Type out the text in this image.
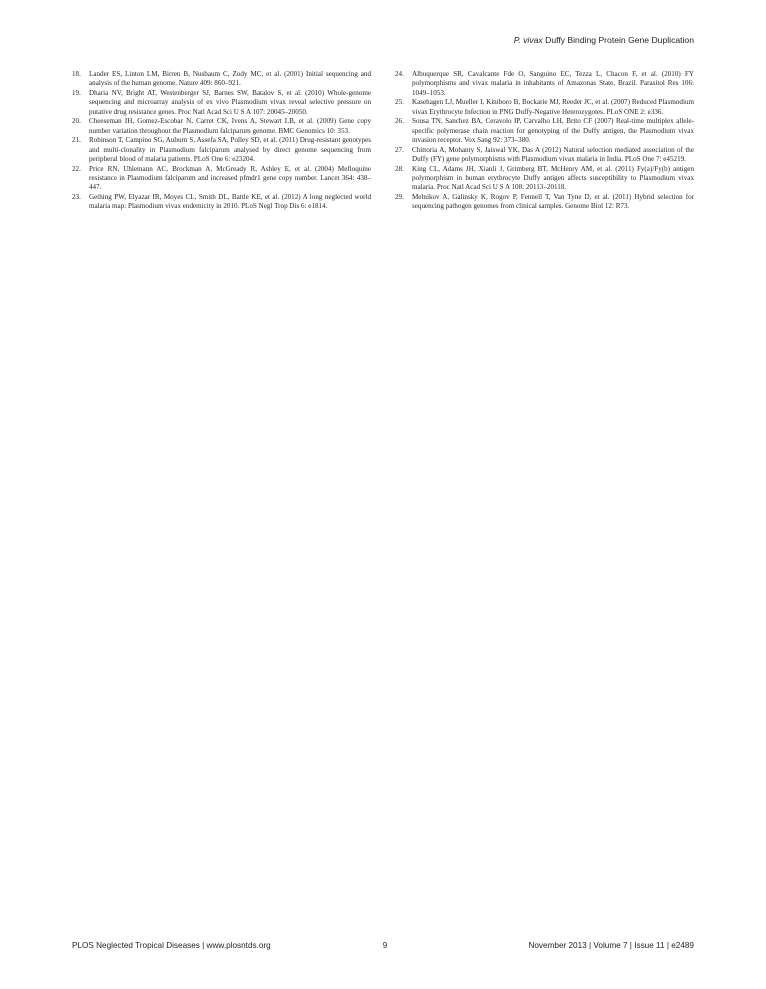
P. vivax Duffy Binding Protein Gene Duplication
18.	Lander ES, Linton LM, Birren B, Nusbaum C, Zody MC, et al. (2001) Initial sequencing and analysis of the human genome. Nature 409: 860–921.
19.	Dharia NV, Bright AT, Westenberger SJ, Barnes SW, Batalov S, et al. (2010) Whole-genome sequencing and microarray analysis of ex vivo Plasmodium vivax reveal selective pressure on putative drug resistance genes. Proc Natl Acad Sci U S A 107: 20045–20050.
20.	Cheeseman IH, Gomez-Escobar N, Carret CK, Ivens A, Stewart LB, et al. (2009) Gene copy number variation throughout the Plasmodium falciparum genome. BMC Genomics 10: 353.
21.	Robinson T, Campino SG, Auburn S, Assefa SA, Polley SD, et al. (2011) Drug-resistant genotypes and multi-clonality in Plasmodium falciparum analysed by direct genome sequencing from peripheral blood of malaria patients. PLoS One 6: e23204.
22.	Price RN, Uhlemann AC, Brockman A, McGready R, Ashley E, et al. (2004) Mefloquine resistance in Plasmodium falciparum and increased pfmdr1 gene copy number. Lancet 364: 438–447.
23.	Gething PW, Elyazar IR, Moyes CL, Smith DL, Battle KE, et al. (2012) A long neglected world malaria map: Plasmodium vivax endemicity in 2010. PLoS Negl Trop Dis 6: e1814.
24.	Albuquerque SR, Cavalcante Fde O, Sanguino EC, Tezza L, Chacon F, et al. (2010) FY polymorphisms and vivax malaria in inhabitants of Amazonas State, Brazil. Parasitol Res 106: 1049–1053.
25.	Kasehagen LJ, Mueller I, Kiniboro B, Bockarie MJ, Reeder JC, et al. (2007) Reduced Plasmodium vivax Erythrocyte Infection in PNG Duffy-Negative Heterozygotes. PLoS ONE 2: e336.
26.	Sousa TN, Sanchez BA, Ceravolo IP, Carvalho LH, Brito CF (2007) Real-time multiplex allele-specific polymerase chain reaction for genotyping of the Duffy antigen, the Plasmodium vivax invasion receptor. Vox Sang 92: 373–380.
27.	Chittoria A, Mohanty S, Jaiswal YK, Das A (2012) Natural selection mediated association of the Duffy (FY) gene polymorphisms with Plasmodium vivax malaria in India. PLoS One 7: e45219.
28.	King CL, Adams JH, Xianli J, Grimberg BT, McHenry AM, et al. (2011) Fy(a)/Fy(b) antigen polymorphism in human erythrocyte Duffy antigen affects susceptibility to Plasmodium vivax malaria. Proc Natl Acad Sci U S A 108: 20113–20118.
29.	Melnikov A, Galinsky K, Rogov P, Fennell T, Van Tyne D, et al. (2011) Hybrid selection for sequencing pathogen genomes from clinical samples. Genome Biol 12: R73.
PLOS Neglected Tropical Diseases | www.plosntds.org	9	November 2013 | Volume 7 | Issue 11 | e2489
